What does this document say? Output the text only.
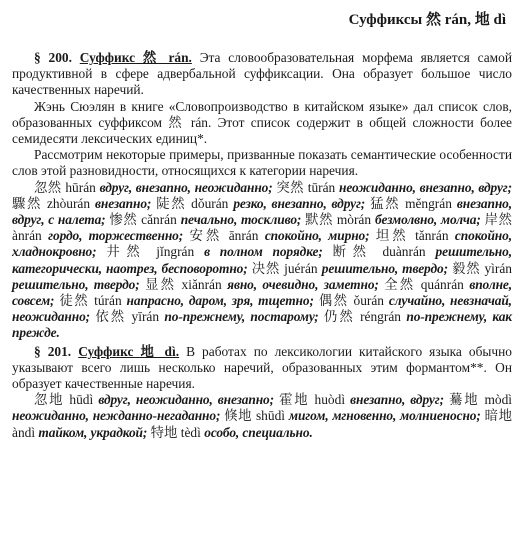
Суффиксы 然 rán, 地 dì

§ 200. Суффикс 然 rán. Эта словообразовательная морфема является самой продуктивной в сфере адвербальной суффиксации. Она образует большое число качественных наречий.

Жэнь Сюэлян в книге «Словопроизводство в китайском языке» дал список слов, образованных суффиксом 然 rán. Этот список содержит в общей сложности более семидесяти лексических единиц*.

Рассмотрим некоторые примеры, призванные показать семантические особенности слов этой разновидности, относящихся к категории наречия.

忽然 hūrán вдруг, внезапно, неожиданно; 突然 tūrán неожиданно, внезапно, вдруг; 驟然 zhòurán внезапно; 陡然 dǒurán резко, внезапно, вдруг; 猛然 měngrán внезапно, вдруг, с налета; 惨然 cǎnrán печально, тоскливо; 默然 mòrán безмолвно, молча; 岸然 ànrán гордо, торжественно; 安然 ānrán спокойно, мирно; 坦然 tǎnrán спокойно, хладнокровно; 井然 jǐngrán в полном порядке; 断然 duànrán решительно, категорически, наотрез, бесповоротно; 决然 juérán решительно, твердо; 毅然 yìrán решительно, твердо; 显然 xiǎnrán явно, очевидно, заметно; 全然 quánrán вполне, совсем; 徒然 túrán напрасно, даром, зря, тщетно; 偶然 ǒurán случайно, невзначай, неожиданно; 依然 yīrán по-прежнему, постарому; 仍然 réngrán по-прежнему, как прежде.

§ 201. Суффикс 地 dì. В работах по лексикологии китайского языка обычно указывают всего лишь несколько наречий, образованных этим формантом**. Он образует качественные наречия.

忽地 hūdì вдруг, неожиданно, внезапно; 霍地 huòdì внезапно, вдруг; 驀地 mòdì неожиданно, нежданно-негаданно; 倏地 shūdì мигом, мгновенно, молниеносно; 暗地 àndì тайком, украдкой; 特地 tèdì особо, специально.
